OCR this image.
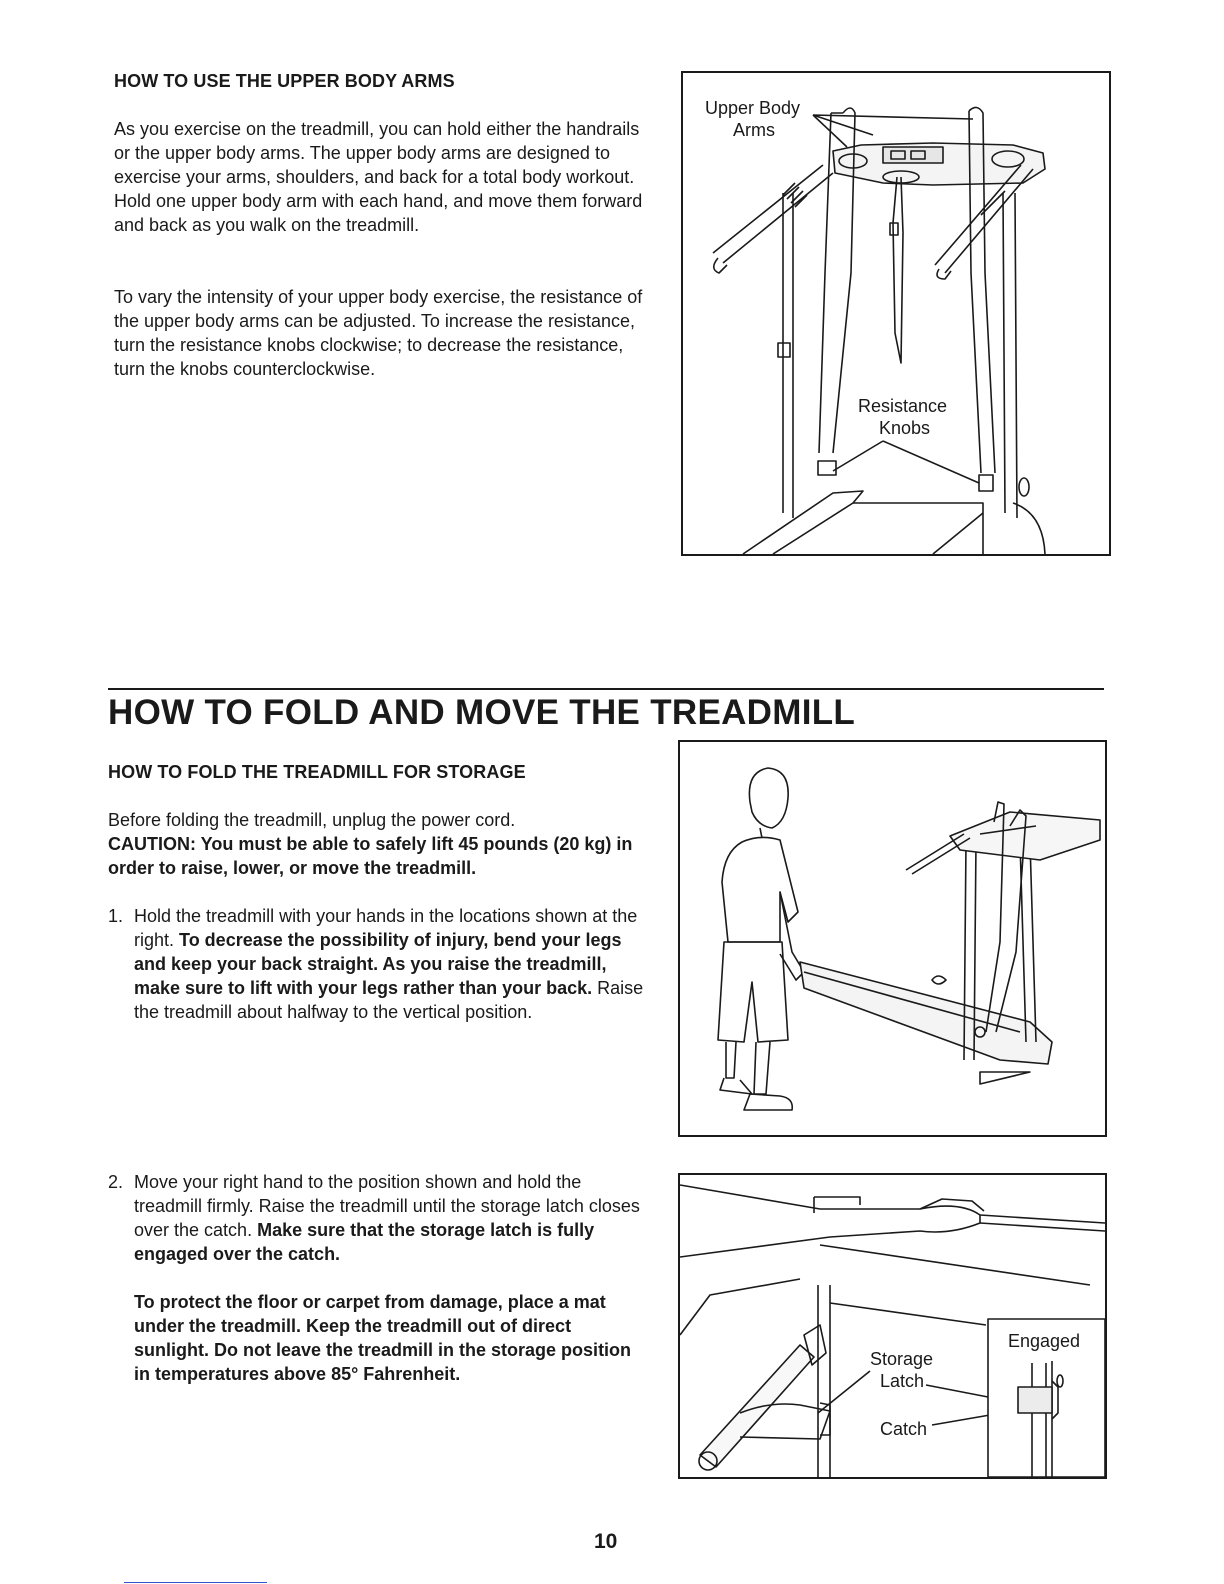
HOW TO USE THE UPPER BODY ARMS

As you exercise on the treadmill, you can hold either the handrails or the upper body arms. The upper body arms are designed to exercise your arms, shoulders, and back for a total body workout. Hold one upper body arm with each hand, and move them forward and back as you walk on the treadmill.

To vary the intensity of your upper body exercise, the resistance of the upper body arms can be adjusted. To increase the resistance, turn the resistance knobs clockwise; to decrease the resistance, turn the knobs counterclockwise.

Upper Body
Arms
Resistance
Knobs
HOW TO FOLD AND MOVE THE TREADMILL
HOW TO FOLD THE TREADMILL FOR STORAGE

Before folding the treadmill, unplug the power cord.

CAUTION: You must be able to safely lift 45 pounds (20 kg) in order to raise, lower, or move the treadmill.

1. Hold the treadmill with your hands in the locations shown at the right. To decrease the possibility of injury, bend your legs and keep your back straight. As you raise the treadmill, make sure to lift with your legs rather than your back. Raise the treadmill about halfway to the vertical position.

2. Move your right hand to the position shown and hold the treadmill firmly. Raise the treadmill until the storage latch closes over the catch. Make sure that the storage latch is fully engaged over the catch.

To protect the floor or carpet from damage, place a mat under the treadmill. Keep the treadmill out of direct sunlight. Do not leave the treadmill in the storage position in temperatures above 85° Fahrenheit.

Engaged
Storage
Latch
Catch
10
